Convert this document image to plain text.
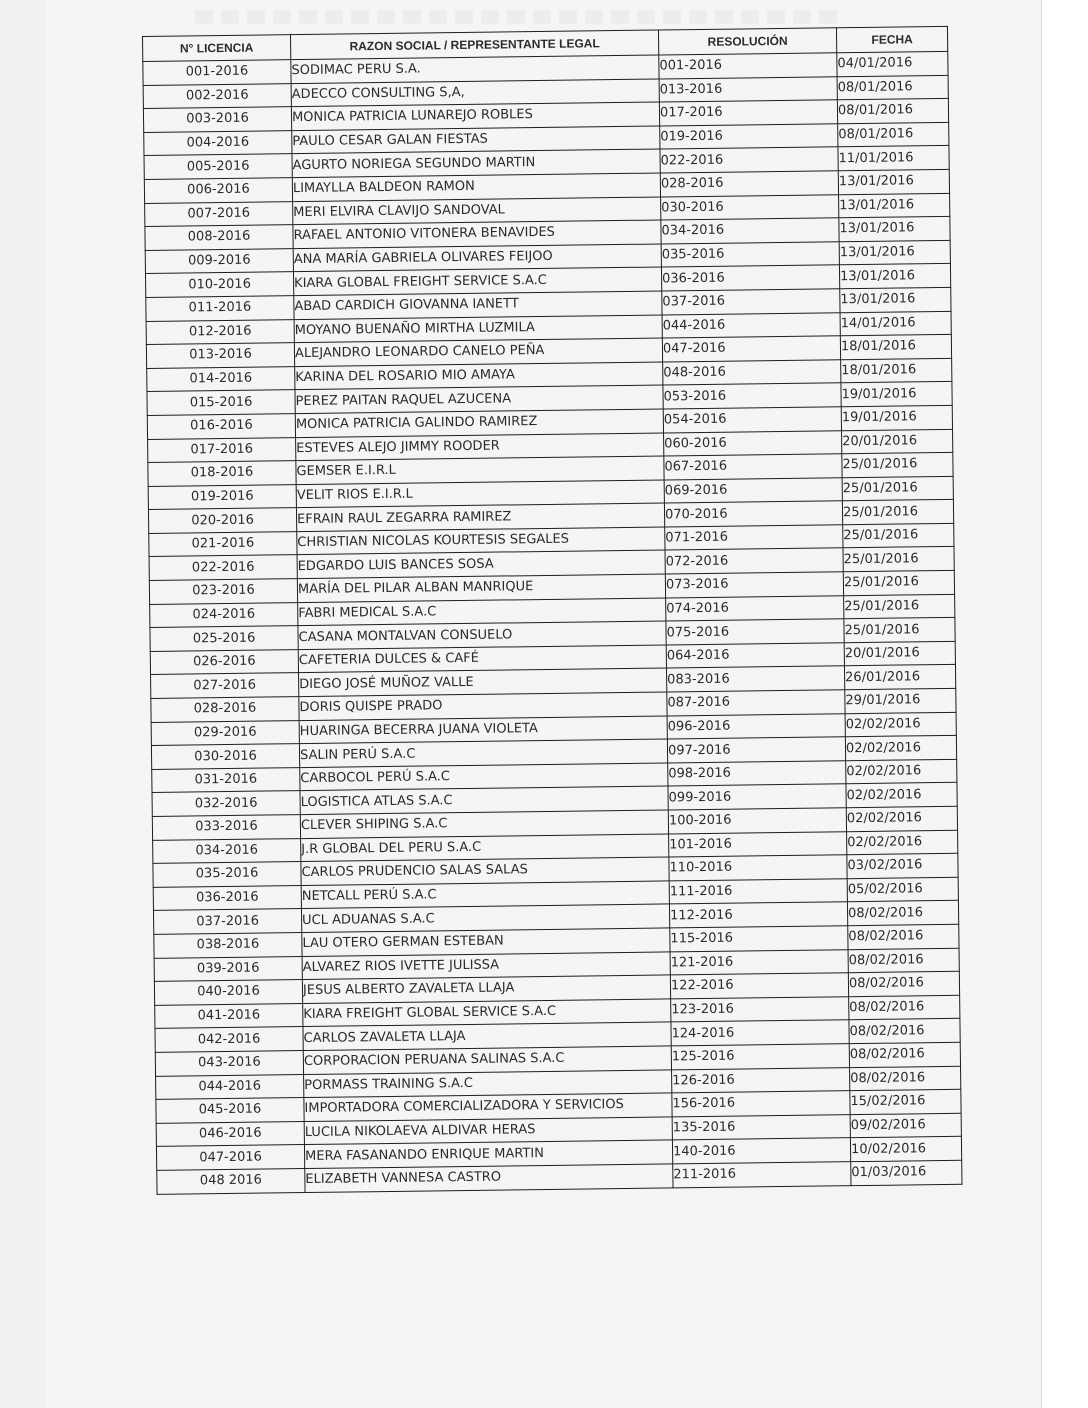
N° LICENCIA	RAZON SOCIAL / REPRESENTANTE LEGAL	RESOLUCIÓN	FECHA
001-2016	SODIMAC PERU S.A.	001-2016	04/01/2016
002-2016	ADECCO CONSULTING S,A,	013-2016	08/01/2016
003-2016	MONICA PATRICIA LUNAREJO ROBLES	017-2016	08/01/2016
004-2016	PAULO CESAR GALAN FIESTAS	019-2016	08/01/2016
005-2016	AGURTO NORIEGA SEGUNDO MARTIN	022-2016	11/01/2016
006-2016	LIMAYLLA BALDEON RAMON	028-2016	13/01/2016
007-2016	MERI ELVIRA CLAVIJO SANDOVAL	030-2016	13/01/2016
008-2016	RAFAEL ANTONIO VITONERA BENAVIDES	034-2016	13/01/2016
009-2016	ANA MARÍA GABRIELA OLIVARES FEIJOO	035-2016	13/01/2016
010-2016	KIARA GLOBAL FREIGHT SERVICE S.A.C	036-2016	13/01/2016
011-2016	ABAD CARDICH GIOVANNA IANETT	037-2016	13/01/2016
012-2016	MOYANO BUENAÑO MIRTHA LUZMILA	044-2016	14/01/2016
013-2016	ALEJANDRO LEONARDO CANELO PEÑA	047-2016	18/01/2016
014-2016	KARINA DEL ROSARIO MIO AMAYA	048-2016	18/01/2016
015-2016	PEREZ PAITAN RAQUEL AZUCENA	053-2016	19/01/2016
016-2016	MONICA PATRICIA GALINDO RAMIREZ	054-2016	19/01/2016
017-2016	ESTEVES ALEJO JIMMY ROODER	060-2016	20/01/2016
018-2016	GEMSER E.I.R.L	067-2016	25/01/2016
019-2016	VELIT RIOS E.I.R.L	069-2016	25/01/2016
020-2016	EFRAIN RAUL ZEGARRA RAMIREZ	070-2016	25/01/2016
021-2016	CHRISTIAN NICOLAS KOURTESIS SEGALES	071-2016	25/01/2016
022-2016	EDGARDO LUIS BANCES SOSA	072-2016	25/01/2016
023-2016	MARÍA DEL PILAR ALBAN MANRIQUE	073-2016	25/01/2016
024-2016	FABRI MEDICAL S.A.C	074-2016	25/01/2016
025-2016	CASANA MONTALVAN CONSUELO	075-2016	25/01/2016
026-2016	CAFETERIA DULCES & CAFÉ	064-2016	20/01/2016
027-2016	DIEGO JOSÉ MUÑOZ VALLE	083-2016	26/01/2016
028-2016	DORIS QUISPE PRADO	087-2016	29/01/2016
029-2016	HUARINGA BECERRA JUANA VIOLETA	096-2016	02/02/2016
030-2016	SALIN PERÚ S.A.C	097-2016	02/02/2016
031-2016	CARBOCOL PERÚ S.A.C	098-2016	02/02/2016
032-2016	LOGISTICA ATLAS S.A.C	099-2016	02/02/2016
033-2016	CLEVER SHIPING S.A.C	100-2016	02/02/2016
034-2016	J.R GLOBAL DEL PERU S.A.C	101-2016	02/02/2016
035-2016	CARLOS PRUDENCIO SALAS SALAS	110-2016	03/02/2016
036-2016	NETCALL PERÚ S.A.C	111-2016	05/02/2016
037-2016	UCL ADUANAS S.A.C	112-2016	08/02/2016
038-2016	LAU OTERO GERMAN ESTEBAN	115-2016	08/02/2016
039-2016	ALVAREZ RIOS IVETTE JULISSA	121-2016	08/02/2016
040-2016	JESUS ALBERTO ZAVALETA LLAJA	122-2016	08/02/2016
041-2016	KIARA FREIGHT GLOBAL SERVICE S.A.C	123-2016	08/02/2016
042-2016	CARLOS ZAVALETA LLAJA	124-2016	08/02/2016
043-2016	CORPORACION PERUANA SALINAS S.A.C	125-2016	08/02/2016
044-2016	PORMASS TRAINING S.A.C	126-2016	08/02/2016
045-2016	IMPORTADORA COMERCIALIZADORA Y SERVICIOS	156-2016	15/02/2016
046-2016	LUCILA NIKOLAEVA ALDIVAR HERAS	135-2016	09/02/2016
047-2016	MERA FASANANDO ENRIQUE MARTIN	140-2016	10/02/2016
048 2016	ELIZABETH VANNESA CASTRO	211-2016	01/03/2016
